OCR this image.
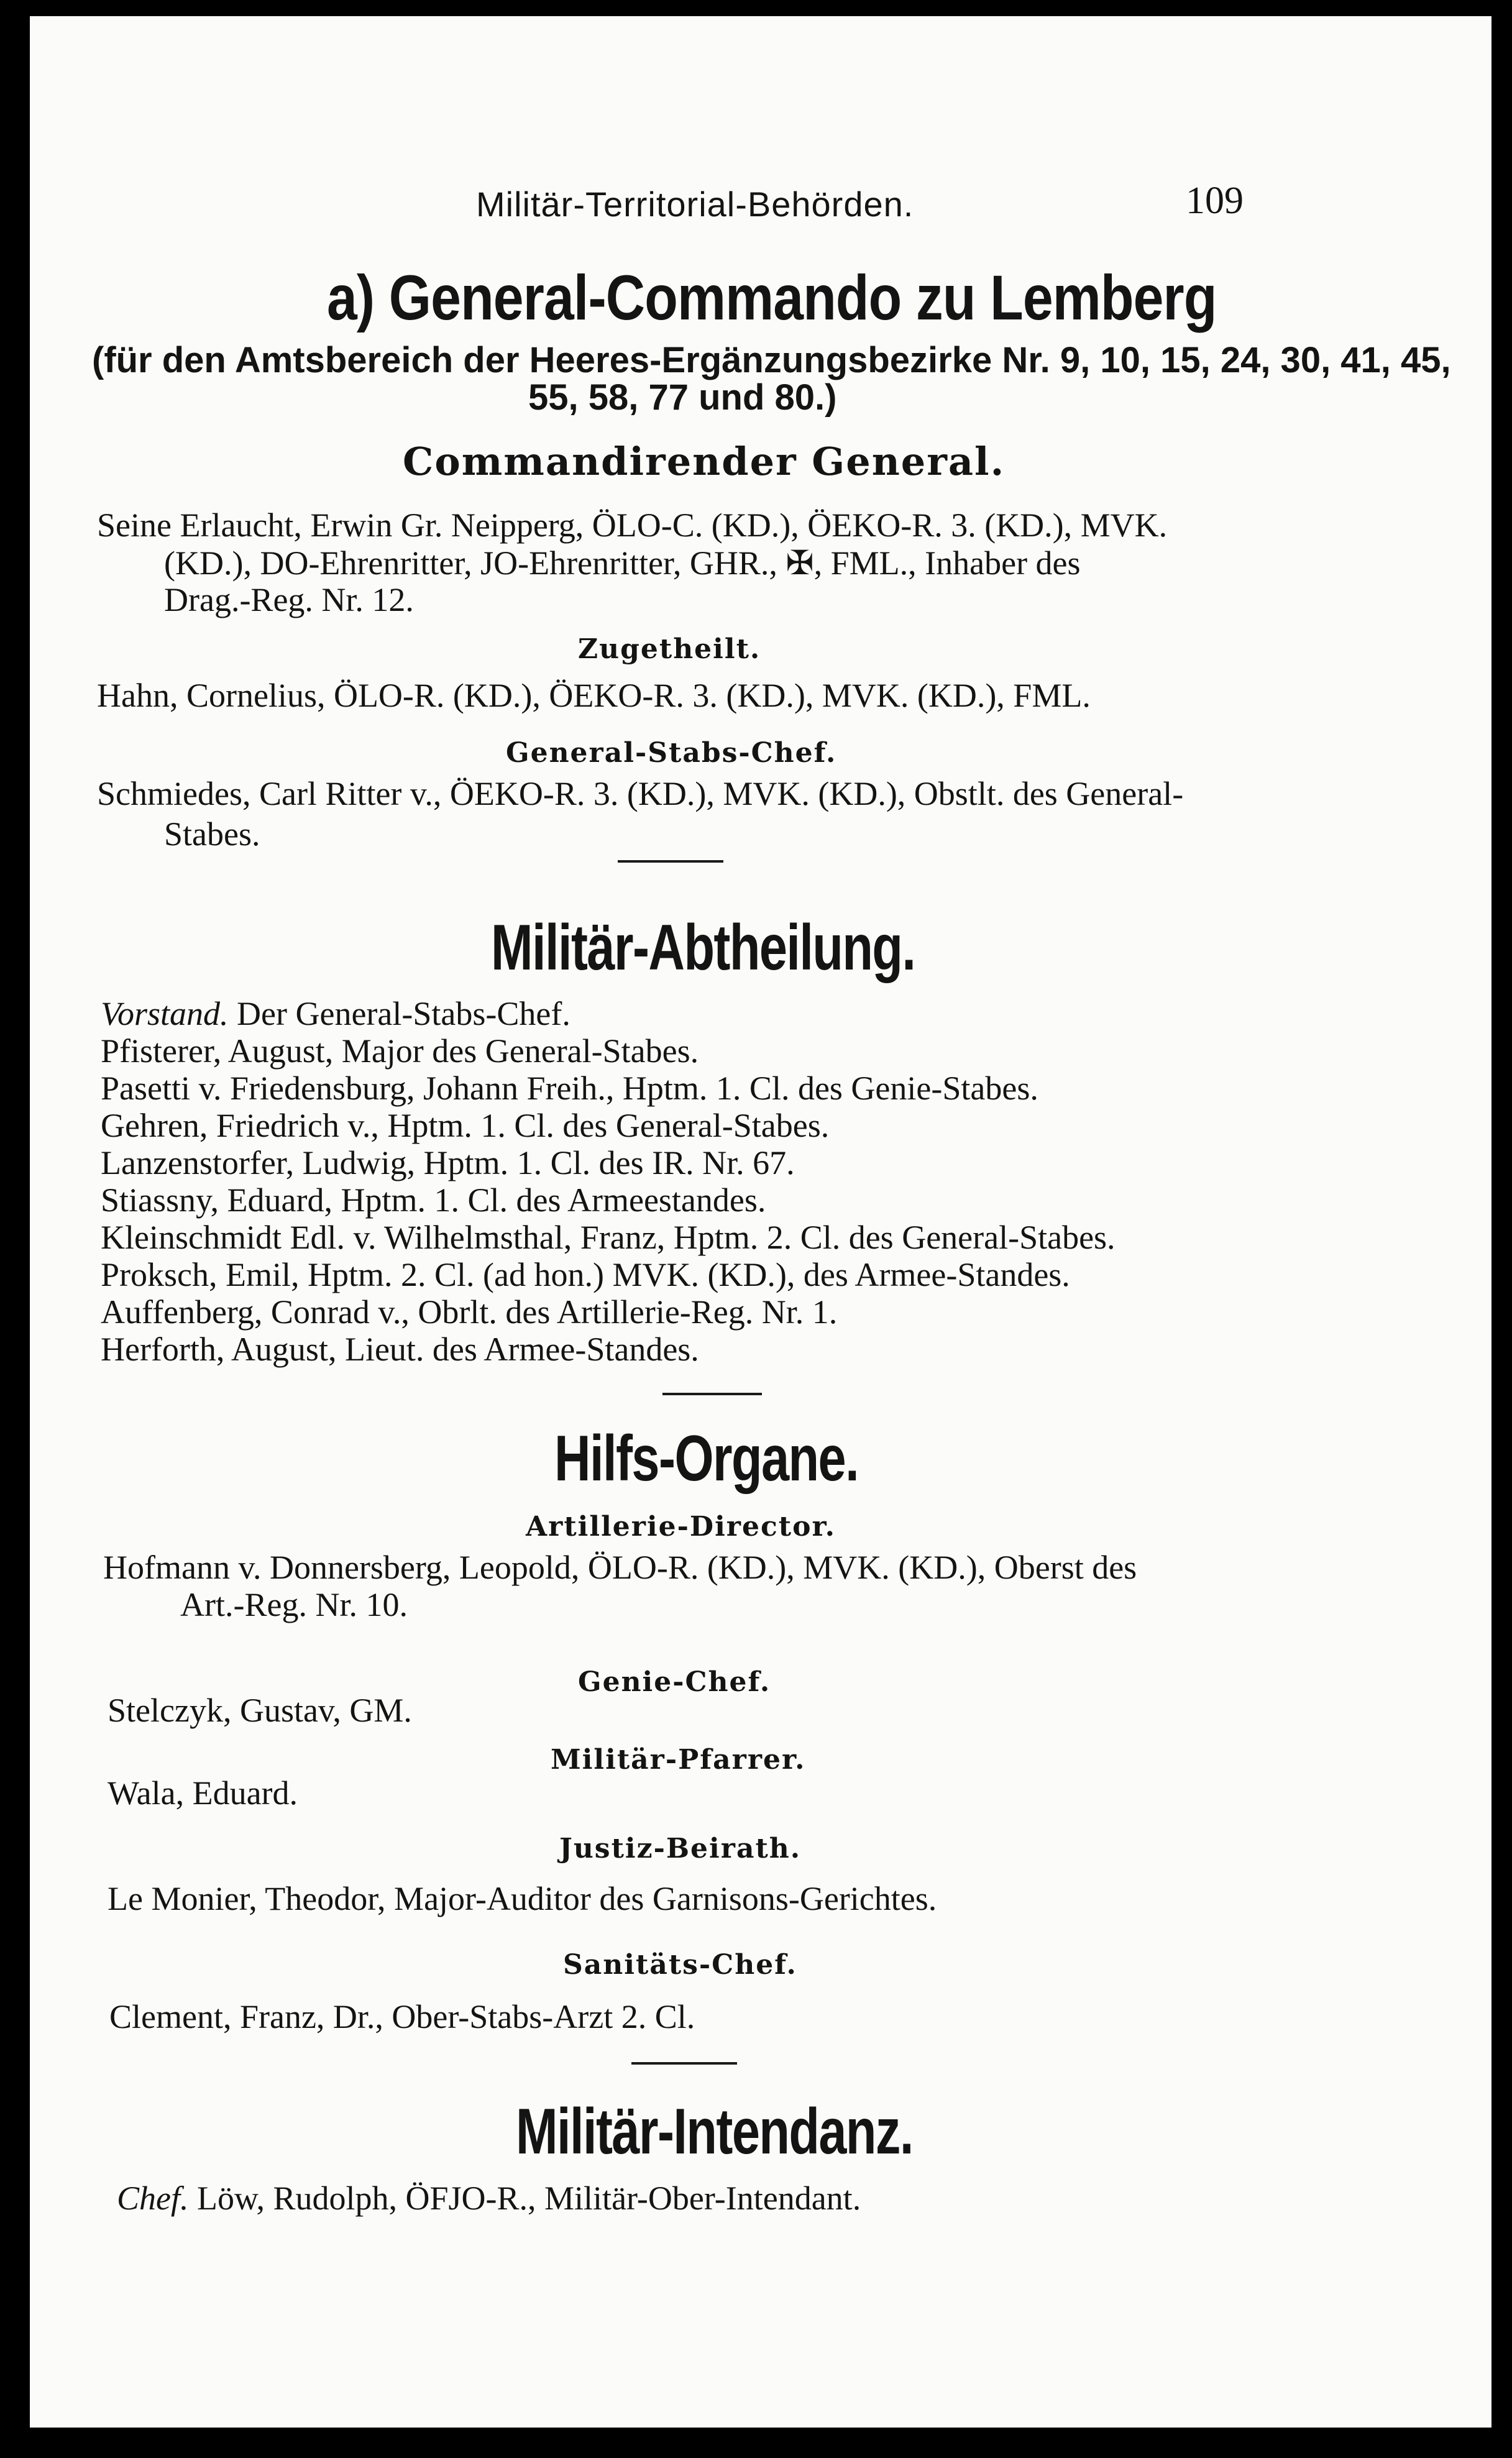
Militär-Territorial-Behörden.	109

a) General-Commando zu Lemberg

(für den Amtsbereich der Heeres-Ergänzungsbezirke Nr. 9, 10, 15, 24, 30, 41, 45,

55, 58, 77 und 80.)

Commandirender General.

Seine Erlaucht, Erwin Gr. Neipperg, ÖLO-C. (KD.), ÖEKO-R. 3. (KD.), MVK.

(KD.), DO-Ehrenritter, JO-Ehrenritter, GHR., ✠, FML., Inhaber des

Drag.-Reg. Nr. 12.

Zugetheilt.

Hahn, Cornelius, ÖLO-R. (KD.), ÖEKO-R. 3. (KD.), MVK. (KD.), FML.

General-Stabs-Chef.

Schmiedes, Carl Ritter v., ÖEKO-R. 3. (KD.), MVK. (KD.), Obstlt. des General-

Stabes.

Militär-Abtheilung.

Vorstand. Der General-Stabs-Chef.

Pfisterer, August, Major des General-Stabes.

Pasetti v. Friedensburg, Johann Freih., Hptm. 1. Cl. des Genie-Stabes.

Gehren, Friedrich v., Hptm. 1. Cl. des General-Stabes.

Lanzenstorfer, Ludwig, Hptm. 1. Cl. des IR. Nr. 67.

Stiassny, Eduard, Hptm. 1. Cl. des Armeestandes.

Kleinschmidt Edl. v. Wilhelmsthal, Franz, Hptm. 2. Cl. des General-Stabes.

Proksch, Emil, Hptm. 2. Cl. (ad hon.) MVK. (KD.), des Armee-Standes.

Auffenberg, Conrad v., Obrlt. des Artillerie-Reg. Nr. 1.

Herforth, August, Lieut. des Armee-Standes.

Hilfs-Organe.

Artillerie-Director.

Hofmann v. Donnersberg, Leopold, ÖLO-R. (KD.), MVK. (KD.), Oberst des

Art.-Reg. Nr. 10.

Genie-Chef.

Stelczyk, Gustav, GM.

Militär-Pfarrer.

Wala, Eduard.

Justiz-Beirath.

Le Monier, Theodor, Major-Auditor des Garnisons-Gerichtes.

Sanitäts-Chef.

Clement, Franz, Dr., Ober-Stabs-Arzt 2. Cl.

Militär-Intendanz.

Chef. Löw, Rudolph, ÖFJO-R., Militär-Ober-Intendant.
